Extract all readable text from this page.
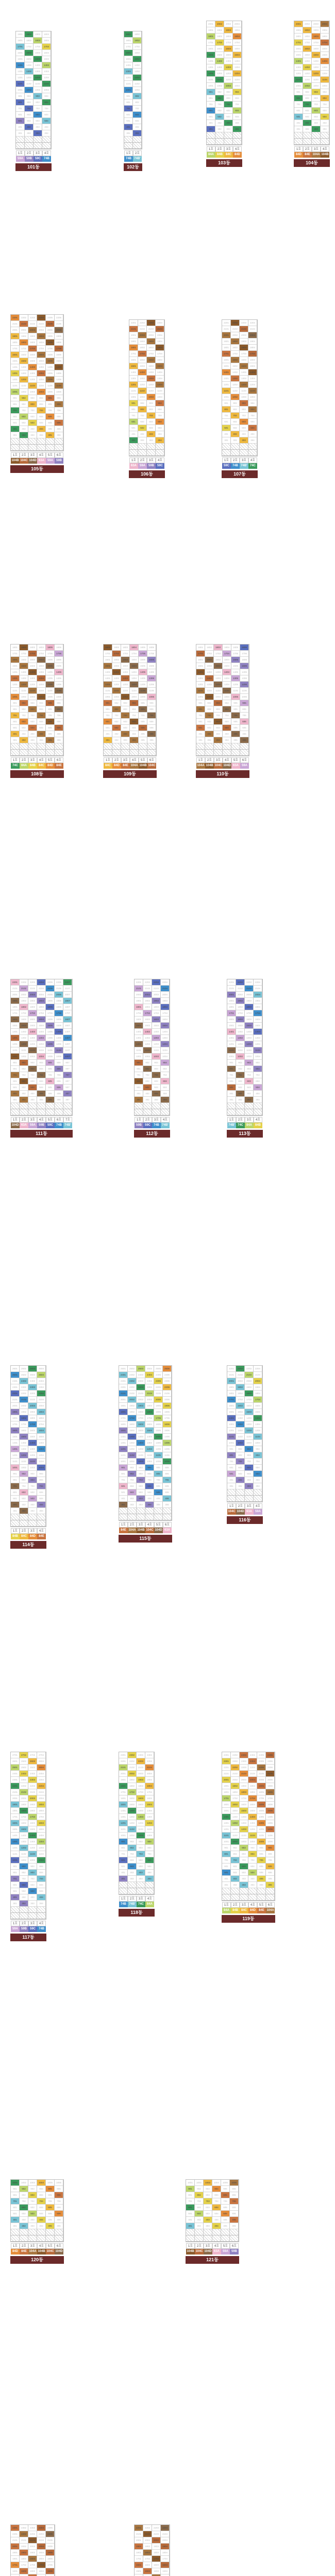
1901	1902	1903	1904
1801	1802	1803	1804
1701	1702	1703	1704
1601	1602	1603	1604
1501	1502	1503	1504
1401	1402	1403	1404
1301	1302	1303	1304
1201	1202	1203	1204
1101	1102	1103	1104
1001	1002	1003	1004
901	902	903	904
801	802	803	804
701	702	703	704
601	602	603	604
501	502	503	504
401	402	403	404
301	302	303	304
1호	2호	3호	4호
59A 59B 59C 74B
101동
1901	1902
1801	1802
1701	1702
1601	1602
1501	1502
1401	1402
1301	1302
1201	1202
1101	1102
1001	1002
901	902
801	802
701	702
601	602
501	502
401	402
301	302
1호	2호
74B 74B'
102동
2001	2002	2003	2004
1901	1902	1903	1904
1801	1802	1803	1804
1701	1702	1703	1704
1601	1602	1603	1604
1501	1502	1503	1504
1401	1402	1403	1404
1301	1302	1303	1304
1201	1202	1203	1204
1101	1102	1103	1104
1001	1002	1003	1004
901	902	903	904
801	802	803	804
701	702	703	704
601	602	603	604
501	502	503	504
401	402	403	404
301	302	303	304
1호	2호	3호	4호
84A 84B 84C 84D
103동
2001	2002	2003	2004
1901	1902	1903	1904
1801	1802	1803	1804
1701	1702	1703	1704
1601	1602	1603	1604
1501	1502	1503	1504
1401	1402	1403	1404
1301	1302	1303	1304
1201	1202	1203	1204
1101	1102	1103	1104
1001	1002	1003	1004
901	902	903	904
801	802	803	804
701	702	703	704
601	602	603	604
501	502	503	504
401	402	403	404
301	302	303	304
1호	2호	3호	4호
84D	84E 104A 104B
104동
2201	2202	2203	2204	2205	2206
2101	2102	2103	2104	2105	2106
2001	2002	2003	2004	2005	2006
1901	1902	1903	1904	1905	1906
1801	1802	1803	1804	1805	1806
1701	1702	1703	1704	1705	1706
1601	1602	1603	1604	1605	1606
1501	1502	1503	1504	1505	1506
1401	1402	1403	1404	1405	1406
1301	1302	1303	1304	1305	1306
1201	1202	1203	1204	1205	1206
1101	1102	1103	1104	1105	1106
1001	1002	1003	1004	1005	1006
901	902	903	904	905	906
801	802	803	804	805	806
701	702	703	704	705	706
601	602	603	604	605	606
501	502	503	504	505	506
401	402	403	404	405	406
301	302	303	304	305	306
1호	2호	3호	4호	5호	6호
104B 104C 104D 63A 59A 59B
105동
2201	2202	2203	2204
2101	2102	2103	2104
2001	2002	2003	2004
1901	1902	1903	1904
1801	1802	1803	1804
1701	1702	1703	1704
1601	1602	1603	1604
1501	1502	1503	1504
1401	1402	1403	1404
1301	1302	1303	1304
1201	1202	1203	1204
1101	1102	1103	1104
1001	1002	1003	1004
901	902	903	904
801	802	803	804
701	702	703	704
601	602	603	604
501	502	503	504
401	402	403	404
301	302	303	304
1호	2호	3호	4호
63A 59A 59B 59C
106동
2201	2202	2203	2204
2101	2102	2103	2104
2001	2002	2003	2004
1901	1902	1903	1904
1801	1802	1803	1804
1701	1702	1703	1704
1601	1602	1603	1604
1501	1502	1503	1504
1401	1402	1403	1404
1301	1302	1303	1304
1201	1202	1203	1204
1101	1102	1103	1104
1001	1002	1003	1004
901	902	903	904
801	802	803	804
701	702	703	704
601	602	603	604
501	502	503	504
401	402	403	404
301	302	303	304
1호	2호	3호	4호
59C 74B 74B' 74C
107동
1801	1802	1803	1804	1805	1806
1701	1702	1703	1704	1705	1706
1601	1602	1603	1604	1605	1606
1501	1502	1503	1504	1505	1506
1401	1402	1403	1404	1405	1406
1301	1302	1303	1304	1305	1306
1201	1202	1203	1204	1205	1206
1101	1102	1103	1104	1105	1106
1001	1002	1003	1004	1005	1006
901	902	903	904	905	906
801	802	803	804	805	806
701	702	703	704	705	706
601	602	603	604	605	606
501	502	503	504	505	506
401	402	403	404	405	406
301	302	303	304	305	306
1호	2호	3호	4호	5호	6호
74C 84A 84B 84C 84D	84E
108동
1801	1802	1803	1804	1805	1806
1701	1702	1703	1704	1705	1706
1601	1602	1603	1604	1605	1606
1501	1502	1503	1504	1505	1506
1401	1402	1403	1404	1405	1406
1301	1302	1303	1304	1305	1306
1201	1202	1203	1204	1205	1206
1101	1102	1103	1104	1105	1106
1001	1002	1003	1004	1005	1006
901	902	903	904	905	906
801	802	803	804	805	806
701	702	703	704	705	706
601	602	603	604	605	606
501	502	503	504	505	506
401	402	403	404	405	406
301	302	303	304	305	306
1호	2호	3호	4호	5호	6호
84C 84D	84E 104A 104B 104C
109동
1801	1802	1803	1804	1805	1806
1701	1702	1703	1704	1705	1706
1601	1602	1603	1604	1605	1606
1501	1502	1503	1504	1505	1506
1401	1402	1403	1404	1405	1406
1301	1302	1303	1304	1305	1306
1201	1202	1203	1204	1205	1206
1101	1102	1103	1104	1105	1106
1001	1002	1003	1004	1005	1006
901	902	903	904	905	906
801	802	803	804	805	806
701	702	703	704	705	706
601	602	603	604	605	606
501	502	503	504	505	506
401	402	403	404	405	406
301	302	303	304	305	306
1호	2호	3호	4호	5호	6호
104A 104B 104C 104D 63A 59A
110동
2201	2202	2203	2204	2205	2206	2207
2101	2102	2103	2104	2105	2106	2107
2001	2002	2003	2004	2005	2006	2007
1901	1902	1903	1904	1905	1906	1907
1801	1802	1803	1804	1805	1806	1807
1701	1702	1703	1704	1705	1706	1707
1601	1602	1603	1604	1605	1606	1607
1501	1502	1503	1504	1505	1506	1507
1401	1402	1403	1404	1405	1406	1407
1301	1302	1303	1304	1305	1306	1307
1201	1202	1203	1204	1205	1206	1207
1101	1102	1103	1104	1105	1106	1107
1001	1002	1003	1004	1005	1006	1007
901	902	903	904	905	906	907
801	802	803	804	805	806	807
701	702	703	704	705	706	707
601	602	603	604	605	606	607
501	502	503	504	505	506	507
401	402	403	404	405	406	407
301	302	303	304	305	306	307
1호	2호	3호	4호	5호	6호	7호
104D 63A 59A 59B 59C 74B 74B'
111동
2201	2202	2203	2204
2101	2102	2103	2104
2001	2002	2003	2004
1901	1902	1903	1904
1801	1802	1803	1804
1701	1702	1703	1704
1601	1602	1603	1604
1501	1502	1503	1504
1401	1402	1403	1404
1301	1302	1303	1304
1201	1202	1203	1204
1101	1102	1103	1104
1001	1002	1003	1004
901	902	903	904
801	802	803	804
701	702	703	704
601	602	603	604
501	502	503	504
401	402	403	404
301	302	303	304
1호	2호	3호	4호
59B 59C 74B 74B'
112동
2201	2202	2203	2204
2101	2102	2103	2104
2001	2002	2003	2004
1901	1902	1903	1904
1801	1802	1803	1804
1701	1702	1703	1704
1601	1602	1603	1604
1501	1502	1503	1504
1401	1402	1403	1404
1301	1302	1303	1304
1201	1202	1203	1204
1101	1102	1103	1104
1001	1002	1003	1004
901	902	903	904
801	802	803	804
701	702	703	704
601	602	603	604
501	502	503	504
401	402	403	404
301	302	303	304
1호	2호	3호	4호
74B' 74C 84A 84B
113동
2601	2602	2603	2604
2501	2502	2503	2504
2401	2402	2403	2404
2301	2302	2303	2304
2201	2202	2203	2204
2101	2102	2103	2104
2001	2002	2003	2004
1901	1902	1903	1904
1801	1802	1803	1804
1701	1702	1703	1704
1601	1602	1603	1604
1501	1502	1503	1504
1401	1402	1403	1404
1301	1302	1303	1304
1201	1202	1203	1204
1101	1102	1103	1104
1001	1002	1003	1004
901	902	903	904
801	802	803	804
701	702	703	704
601	602	603	604
501	502	503	504
401	402	403	404
301	302	303	304
1호	2호	3호	4호
84B 84C 84D	84E
114동
2501	2502	2503	2504	2505	2506
2401	2402	2403	2404	2405	2406
2301	2302	2303	2304	2305	2306
2201	2202	2203	2204	2205	2206
2101	2102	2103	2104	2105	2106
2001	2002	2003	2004	2005	2006
1901	1902	1903	1904	1905	1906
1801	1802	1803	1804	1805	1806
1701	1702	1703	1704	1705	1706
1601	1602	1603	1604	1605	1606
1501	1502	1503	1504	1505	1506
1401	1402	1403	1404	1405	1406
1301	1302	1303	1304	1305	1306
1201	1202	1203	1204	1205	1206
1101	1102	1103	1104	1105	1106
1001	1002	1003	1004	1005	1006
901	902	903	904	905	906
801	802	803	804	805	806
701	702	703	704	705	706
601	602	603	604	605	606
501	502	503	504	505	506
401	402	403	404	405	406
301	302	303	304	305	306
1호	2호	3호	4호	5호	6호
84E 104A 104B 104C 104D 63A
115동
2201	2202	2203	2204
2101	2102	2103	2104
2001	2002	2003	2004
1901	1902	1903	1904
1801	1802	1803	1804
1701	1702	1703	1704
1601	1602	1603	1604
1501	1502	1503	1504
1401	1402	1403	1404
1301	1302	1303	1304
1201	1202	1203	1204
1101	1102	1103	1104
1001	1002	1003	1004
901	902	903	904
801	802	803	804
701	702	703	704
601	602	603	604
501	502	503	504
401	402	403	404
301	302	303	304
1호	2호	3호	4호
104C 104D 63A 59A
116동
2701	2702	2703	2704
2601	2602	2603	2604
2501	2502	2503	2504
2401	2402	2403	2404
2301	2302	2303	2304
2201	2202	2203	2204
2101	2102	2103	2104
2001	2002	2003	2004
1901	1902	1903	1904
1801	1802	1803	1804
1701	1702	1703	1704
1601	1602	1603	1604
1501	1502	1503	1504
1401	1402	1403	1404
1301	1302	1303	1304
1201	1202	1203	1204
1101	1102	1103	1104
1001	1002	1003	1004
901	902	903	904
801	802	803	804
701	702	703	704
601	602	603	604
501	502	503	504
401	402	403	404
301	302	303	304
1호	2호	3호	4호
59A 59B 59C 74B
117동
2301	2302	2303	2304
2201	2202	2203	2204
2101	2102	2103	2104
2001	2002	2003	2004
1901	1902	1903	1904
1801	1802	1803	1804
1701	1702	1703	1704
1601	1602	1603	1604
1501	1502	1503	1504
1401	1402	1403	1404
1301	1302	1303	1304
1201	1202	1203	1204
1101	1102	1103	1104
1001	1002	1003	1004
901	902	903	904
801	802	803	804
701	702	703	704
601	602	603	604
501	502	503	504
401	402	403	404
301	302	303	304
1호	2호	3호	4호
74B 74B' 74C 84A
118동
2401	2402	2403	2404	2405	2406
2301	2302	2303	2304	2305	2306
2201	2202	2203	2204	2205	2206
2101	2102	2103	2104	2105	2106
2001	2002	2003	2004	2005	2006
1901	1902	1903	1904	1905	1906
1801	1802	1803	1804	1805	1806
1701	1702	1703	1704	1705	1706
1601	1602	1603	1604	1605	1606
1501	1502	1503	1504	1505	1506
1401	1402	1403	1404	1405	1406
1301	1302	1303	1304	1305	1306
1201	1202	1203	1204	1205	1206
1101	1102	1103	1104	1105	1106
1001	1002	1003	1004	1005	1006
901	902	903	904	905	906
801	802	803	804	805	806
701	702	703	704	705	706
601	602	603	604	605	606
501	502	503	504	505	506
401	402	403	404	405	406
301	302	303	304	305	306
1호	2호	3호	4호	5호	6호
84A 84B 84C 84D	84E 104A
119동
1001	1002	1003	1004	1005	1006
901	902	903	904	905	906
801	802	803	804	805	806
701	702	703	704	705	706
601	602	603	604	605	606
501	502	503	504	505	506
401	402	403	404	405	406
301	302	303	304	305	306
1호	2호	3호	4호	5호	6호
84D	84E 104A 104B 104C 104D
120동
1001	1002	1003	1004	1005	1006
901	902	903	904	905	906
801	802	803	804	805	806
701	702	703	704	705	706
601	602	603	604	605	606
501	502	503	504	505	506
401	402	403	404	405	406
301	302	303	304	305	306
1호	2호	3호	4호	5호	6호
104B 104C 104D 63A 59A 59B
121동
2301	2302	2303	2304	2305
2201	2202	2203	2204	2205
2101	2102	2103	2104	2105
2001	2002	2003	2004	2005
1901	1902	1903	1904	1905
1801	1802	1803	1804	1805
1701	1702	1703	1704	1705
1601	1602	1603	1604	1605
2201	2202	2203	2204
2101	2102	2103	2104
2001	2002	2003	2004
1901	1902	1903	1904
1801	1802	1803	1804
1701	1702	1703	1704
1601	1602	1603	1604
1501	1502	1503	1504
